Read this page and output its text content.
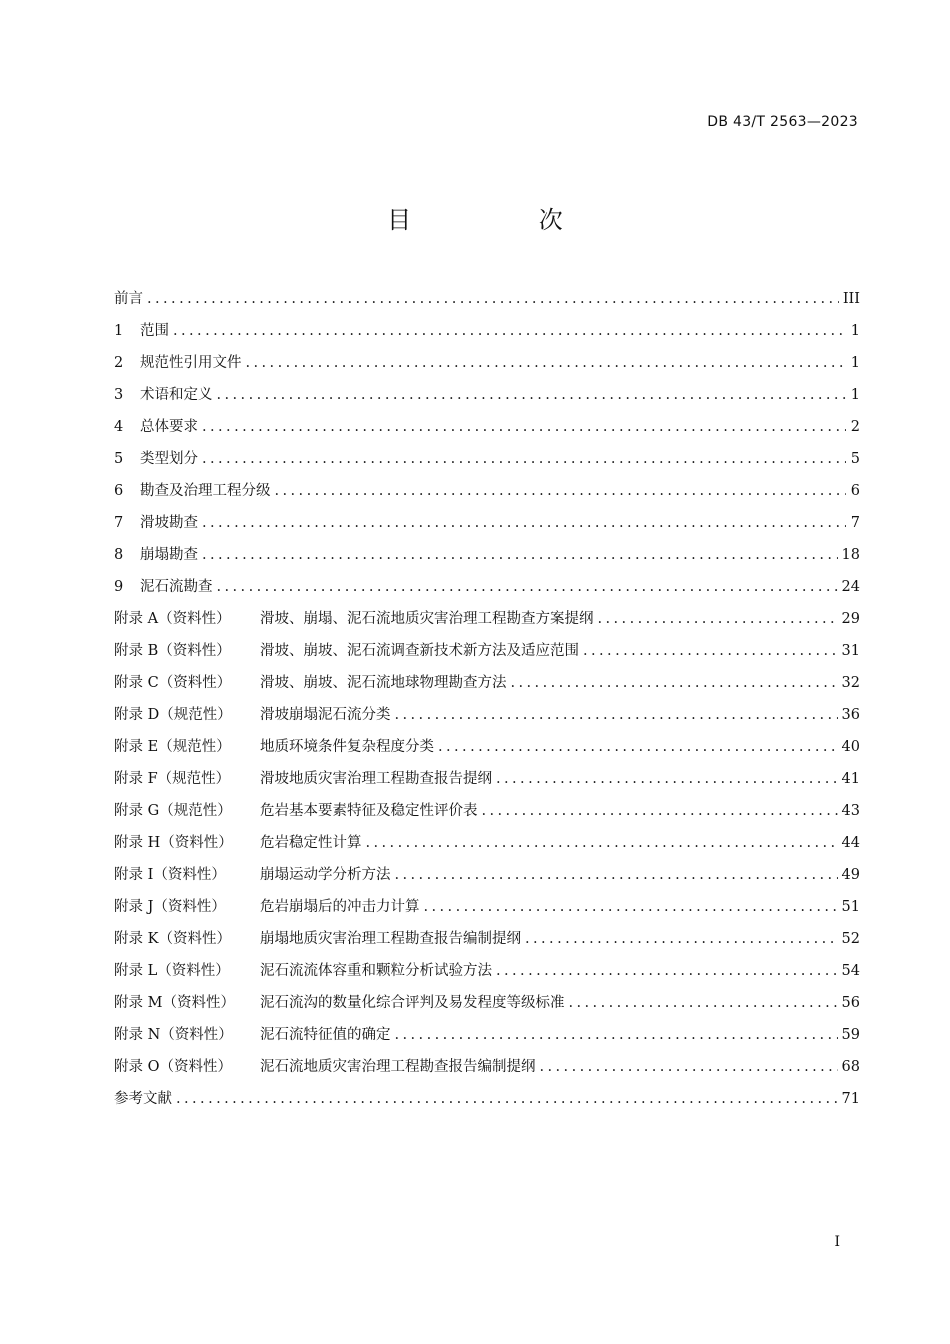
DB 43/T 2563—2023
目 次
前言 . . .	III
1	范围 . . .	1
2	规范性引用文件 . . .	1
3	术语和定义 . . .	1
4	总体要求 . . .	2
5	类型划分 . . .	5
6	勘查及治理工程分级 . . .	6
7	滑坡勘查 . . .	7
8	崩塌勘查 . . .	18
9	泥石流勘查 . . .	24
附录 A（资料性）	滑坡、崩塌、泥石流地质灾害治理工程勘查方案提纲 . . .	29
附录 B（资料性）	滑坡、崩坡、泥石流调查新技术新方法及适应范围 . . .	31
附录 C（资料性）	滑坡、崩坡、泥石流地球物理勘查方法 . . .	32
附录 D（规范性）	滑坡崩塌泥石流分类 . . .	36
附录 E（规范性）	地质环境条件复杂程度分类 . . .	40
附录 F（规范性）	滑坡地质灾害治理工程勘查报告提纲 . . .	41
附录 G（规范性）	危岩基本要素特征及稳定性评价表 . . .	43
附录 H（资料性）	危岩稳定性计算 . . .	44
附录 I（资料性）	崩塌运动学分析方法 . . .	49
附录 J（资料性）	危岩崩塌后的冲击力计算 . . .	51
附录 K（资料性）	崩塌地质灾害治理工程勘查报告编制提纲 . . .	52
附录 L（资料性）	泥石流流体容重和颗粒分析试验方法 . . .	54
附录 M（资料性）	泥石流沟的数量化综合评判及易发程度等级标准 . . .	56
附录 N（资料性）	泥石流特征值的确定 . . .	59
附录 O（资料性）	泥石流地质灾害治理工程勘查报告编制提纲 . . .	68
参考文献 . . .	71
I
